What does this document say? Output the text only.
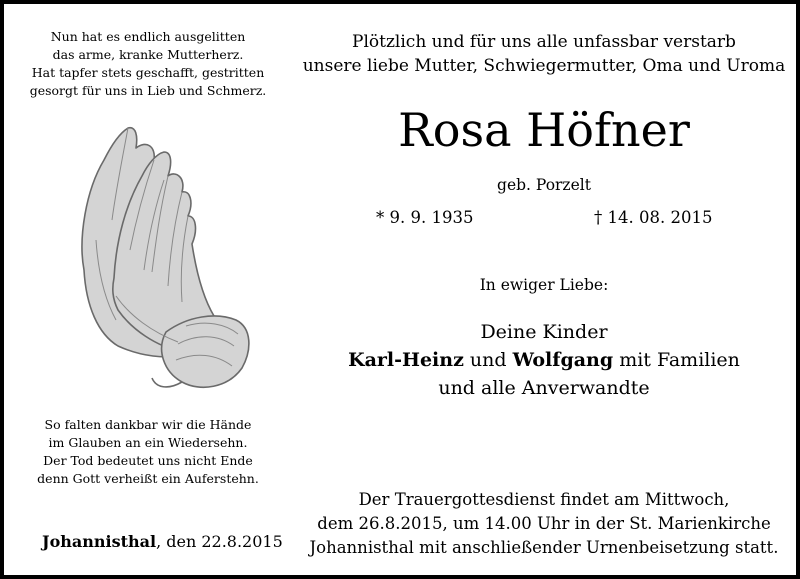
Nun hat es endlich ausgelitten
das arme, kranke Mutterherz.
Hat tapfer stets geschafft, gestritten
gesorgt für uns in Lieb und Schmerz.
So falten dankbar wir die Hände
im Glauben an ein Wiedersehn.
Der Tod bedeutet uns nicht Ende
denn Gott verheißt ein Auferstehn.
Johannisthal, den 22.8.2015
Plötzlich und für uns alle unfassbar verstarb
unsere liebe Mutter, Schwiegermutter, Oma und Uroma
Rosa Höfner
geb. Porzelt
* 9. 9. 1935	† 14. 08. 2015
In ewiger Liebe:
Deine Kinder
Karl-Heinz und Wolfgang mit Familien
und alle Anverwandte
Der Trauergottesdienst findet am Mittwoch,
dem 26.8.2015, um 14.00 Uhr in der St. Marienkirche
Johannisthal mit anschließender Urnenbeisetzung statt.
